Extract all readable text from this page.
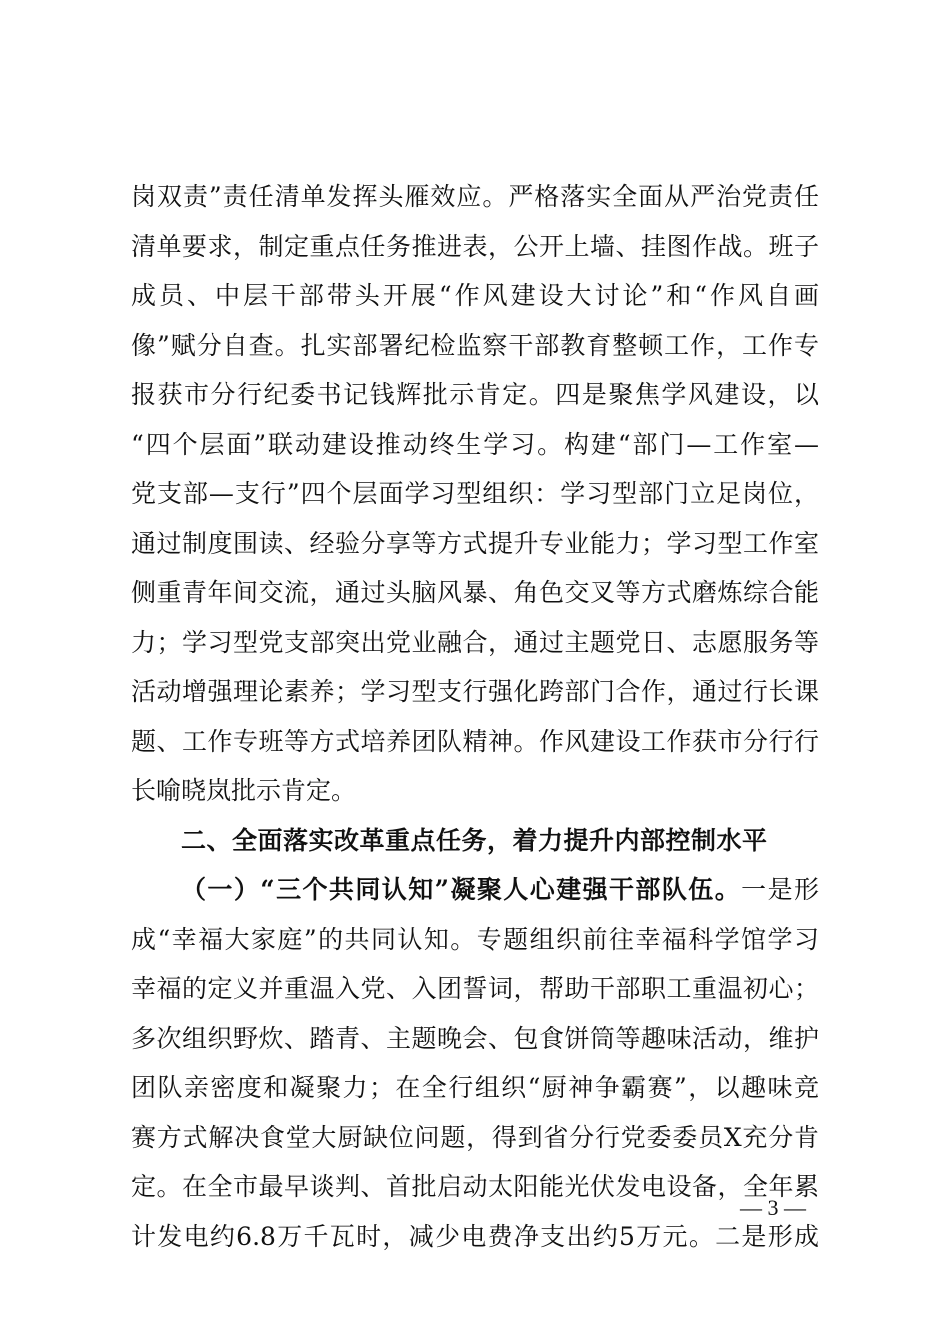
岗双责”责任清单发挥头雁效应。严格落实全面从严治党责任
清单要求，制定重点任务推进表，公开上墙、挂图作战。班子
成员、中层干部带头开展“作风建设大讨论”和“作风自画
像”赋分自查。扎实部署纪检监察干部教育整顿工作，工作专
报获市分行纪委书记钱辉批示肯定。四是聚焦学风建设，以
“四个层面”联动建设推动终生学习。构建“部门—工作室—
党支部—支行”四个层面学习型组织：学习型部门立足岗位，
通过制度围读、经验分享等方式提升专业能力；学习型工作室
侧重青年间交流，通过头脑风暴、角色交叉等方式磨炼综合能
力；学习型党支部突出党业融合，通过主题党日、志愿服务等
活动增强理论素养；学习型支行强化跨部门合作，通过行长课
题、工作专班等方式培养团队精神。作风建设工作获市分行行
长喻晓岚批示肯定。
二、全面落实改革重点任务，着力提升内部控制水平
（一）“三个共同认知”凝聚人心建强干部队伍。一是形
成“幸福大家庭”的共同认知。专题组织前往幸福科学馆学习
幸福的定义并重温入党、入团誓词，帮助干部职工重温初心；
多次组织野炊、踏青、主题晚会、包食饼筒等趣味活动，维护
团队亲密度和凝聚力；在全行组织“厨神争霸赛”，以趣味竞
赛方式解决食堂大厨缺位问题，得到省分行党委委员X充分肯
定。在全市最早谈判、首批启动太阳能光伏发电设备，全年累
计发电约6.8万千瓦时，减少电费净支出约5万元。二是形成
— 3 —
